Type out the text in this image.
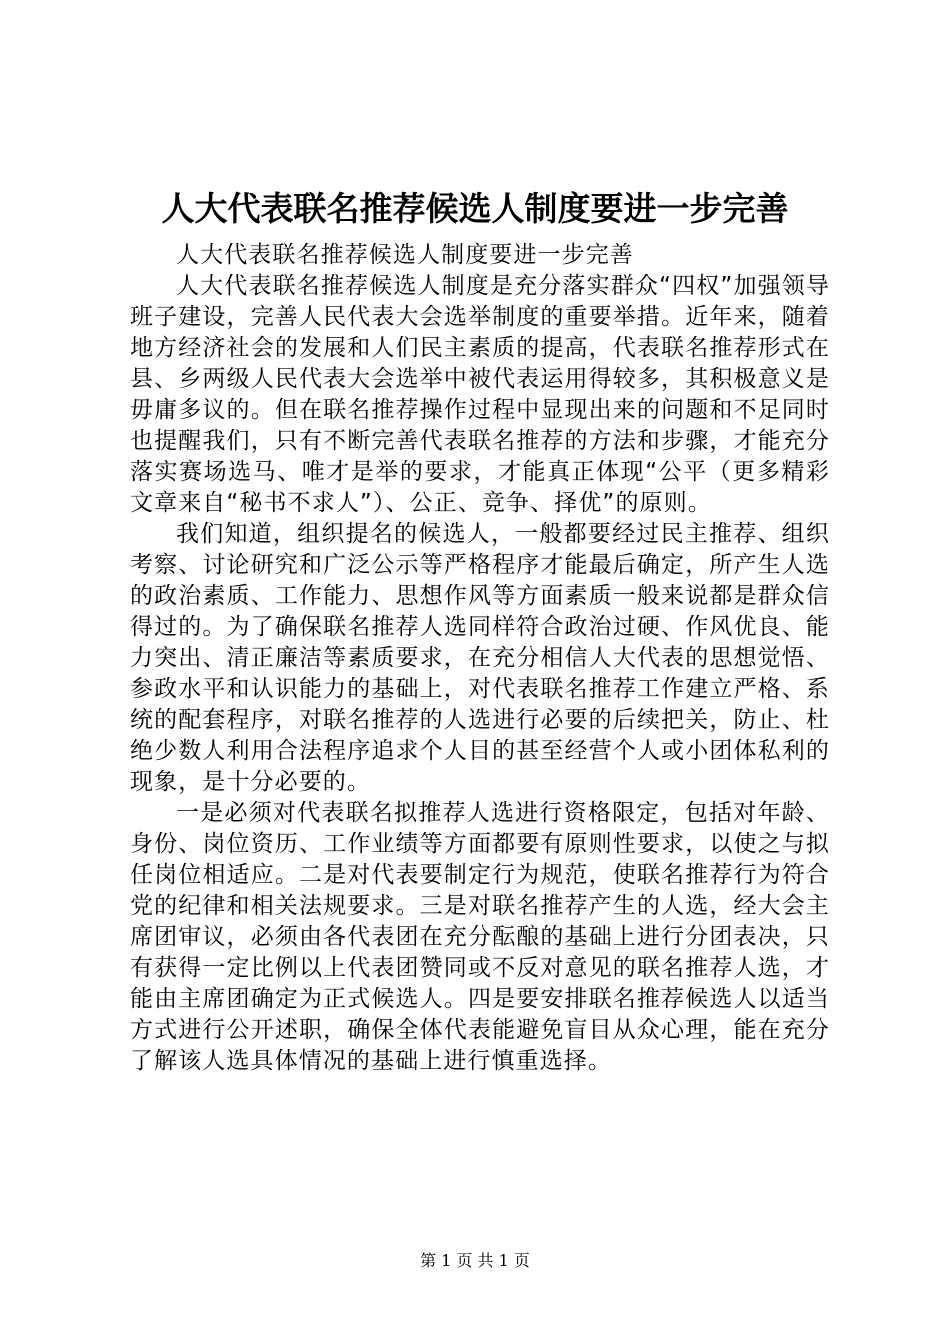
人大代表联名推荐候选人制度要进一步完善

人大代表联名推荐候选人制度要进一步完善

人大代表联名推荐候选人制度是充分落实群众“四权”加强领导班子建设，完善人民代表大会选举制度的重要举措。近年来，随着地方经济社会的发展和人们民主素质的提高，代表联名推荐形式在县、乡两级人民代表大会选举中被代表运用得较多，其积极意义是毋庸多议的。但在联名推荐操作过程中显现出来的问题和不足同时也提醒我们，只有不断完善代表联名推荐的方法和步骤，才能充分落实赛场选马、唯才是举的要求，才能真正体现“公平（更多精彩文章来自“秘书不求人”）、公正、竞争、择优”的原则。

我们知道，组织提名的候选人，一般都要经过民主推荐、组织考察、讨论研究和广泛公示等严格程序才能最后确定，所产生人选的政治素质、工作能力、思想作风等方面素质一般来说都是群众信得过的。为了确保联名推荐人选同样符合政治过硬、作风优良、能力突出、清正廉洁等素质要求，在充分相信人大代表的思想觉悟、参政水平和认识能力的基础上，对代表联名推荐工作建立严格、系统的配套程序，对联名推荐的人选进行必要的后续把关，防止、杜绝少数人利用合法程序追求个人目的甚至经营个人或小团体私利的现象，是十分必要的。

一是必须对代表联名拟推荐人选进行资格限定，包括对年龄、身份、岗位资历、工作业绩等方面都要有原则性要求，以使之与拟任岗位相适应。二是对代表要制定行为规范，使联名推荐行为符合党的纪律和相关法规要求。三是对联名推荐产生的人选，经大会主席团审议，必须由各代表团在充分酝酿的基础上进行分团表决，只有获得一定比例以上代表团赞同或不反对意见的联名推荐人选，才能由主席团确定为正式候选人。四是要安排联名推荐候选人以适当方式进行公开述职，确保全体代表能避免盲目从众心理，能在充分了解该人选具体情况的基础上进行慎重选择。

第 1 页 共 1 页
